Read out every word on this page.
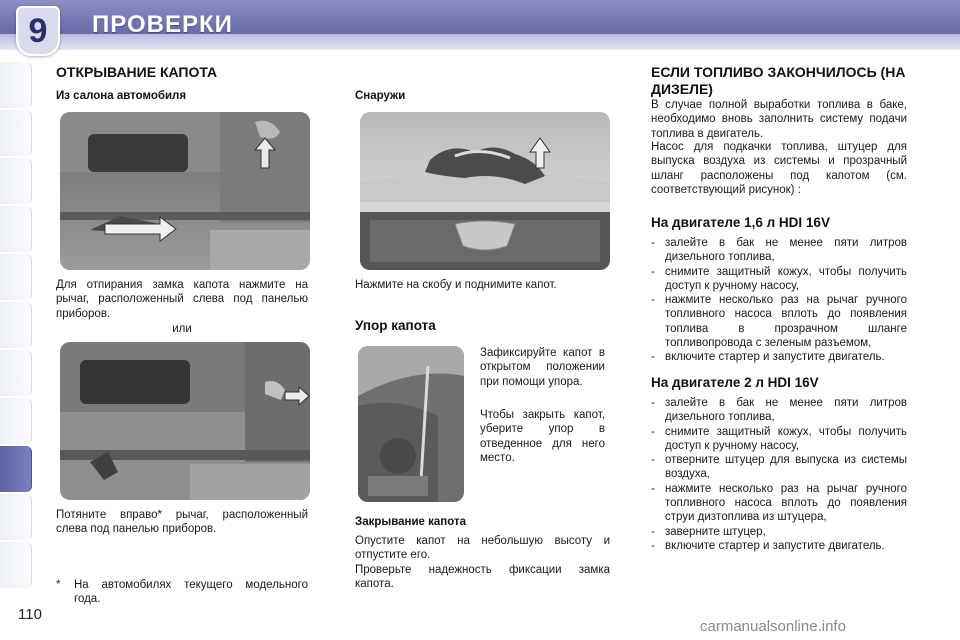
9	ПРОВЕРКИ
ОТКРЫВАНИЕ КАПОТА
Из салона автомобиля
Для отпирания замка капота нажмите на рычаг, расположенный слева под панелью приборов.
или
Потяните вправо* рычаг, расположенный слева под панелью приборов.
*	На автомобилях текущего модельного года.
110
Снаружи
Нажмите на скобу и поднимите капот.
Упор капота
Зафиксируйте капот в открытом положении при помощи упора.
Чтобы закрыть капот, уберите упор в отведенное для него место.
Закрывание капота
Опустите капот на небольшую высоту и отпустите его.
Проверьте надежность фиксации замка капота.
ЕСЛИ ТОПЛИВО ЗАКОНЧИЛОСЬ (НА ДИЗЕЛЕ)
В случае полной выработки топлива в баке, необходимо вновь заполнить систему подачи топлива в двигатель.
Насос для подкачки топлива, штуцер для выпуска воздуха из системы и прозрачный шланг расположены под капотом (см. соответствующий рисунок) :
На двигателе 1,6 л HDI 16V
- залейте в бак не менее пяти литров дизельного топлива,
- снимите защитный кожух, чтобы получить доступ к ручному насосу,
- нажмите несколько раз на рычаг ручного топливного насоса вплоть до появления топлива в прозрачном шланге топливопровода с зеленым разъемом,
- включите стартер и запустите двигатель.
На двигателе 2 л HDI 16V
- залейте в бак не менее пяти литров дизельного топлива,
- снимите защитный кожух, чтобы получить доступ к ручному насосу,
- отверните штуцер для выпуска из системы воздуха,
- нажмите несколько раз на рычаг ручного топливного насоса вплоть до появления струи дизтоплива из штуцера,
- заверните штуцер,
- включите стартер и запустите двигатель.
carmanualsonline.info
